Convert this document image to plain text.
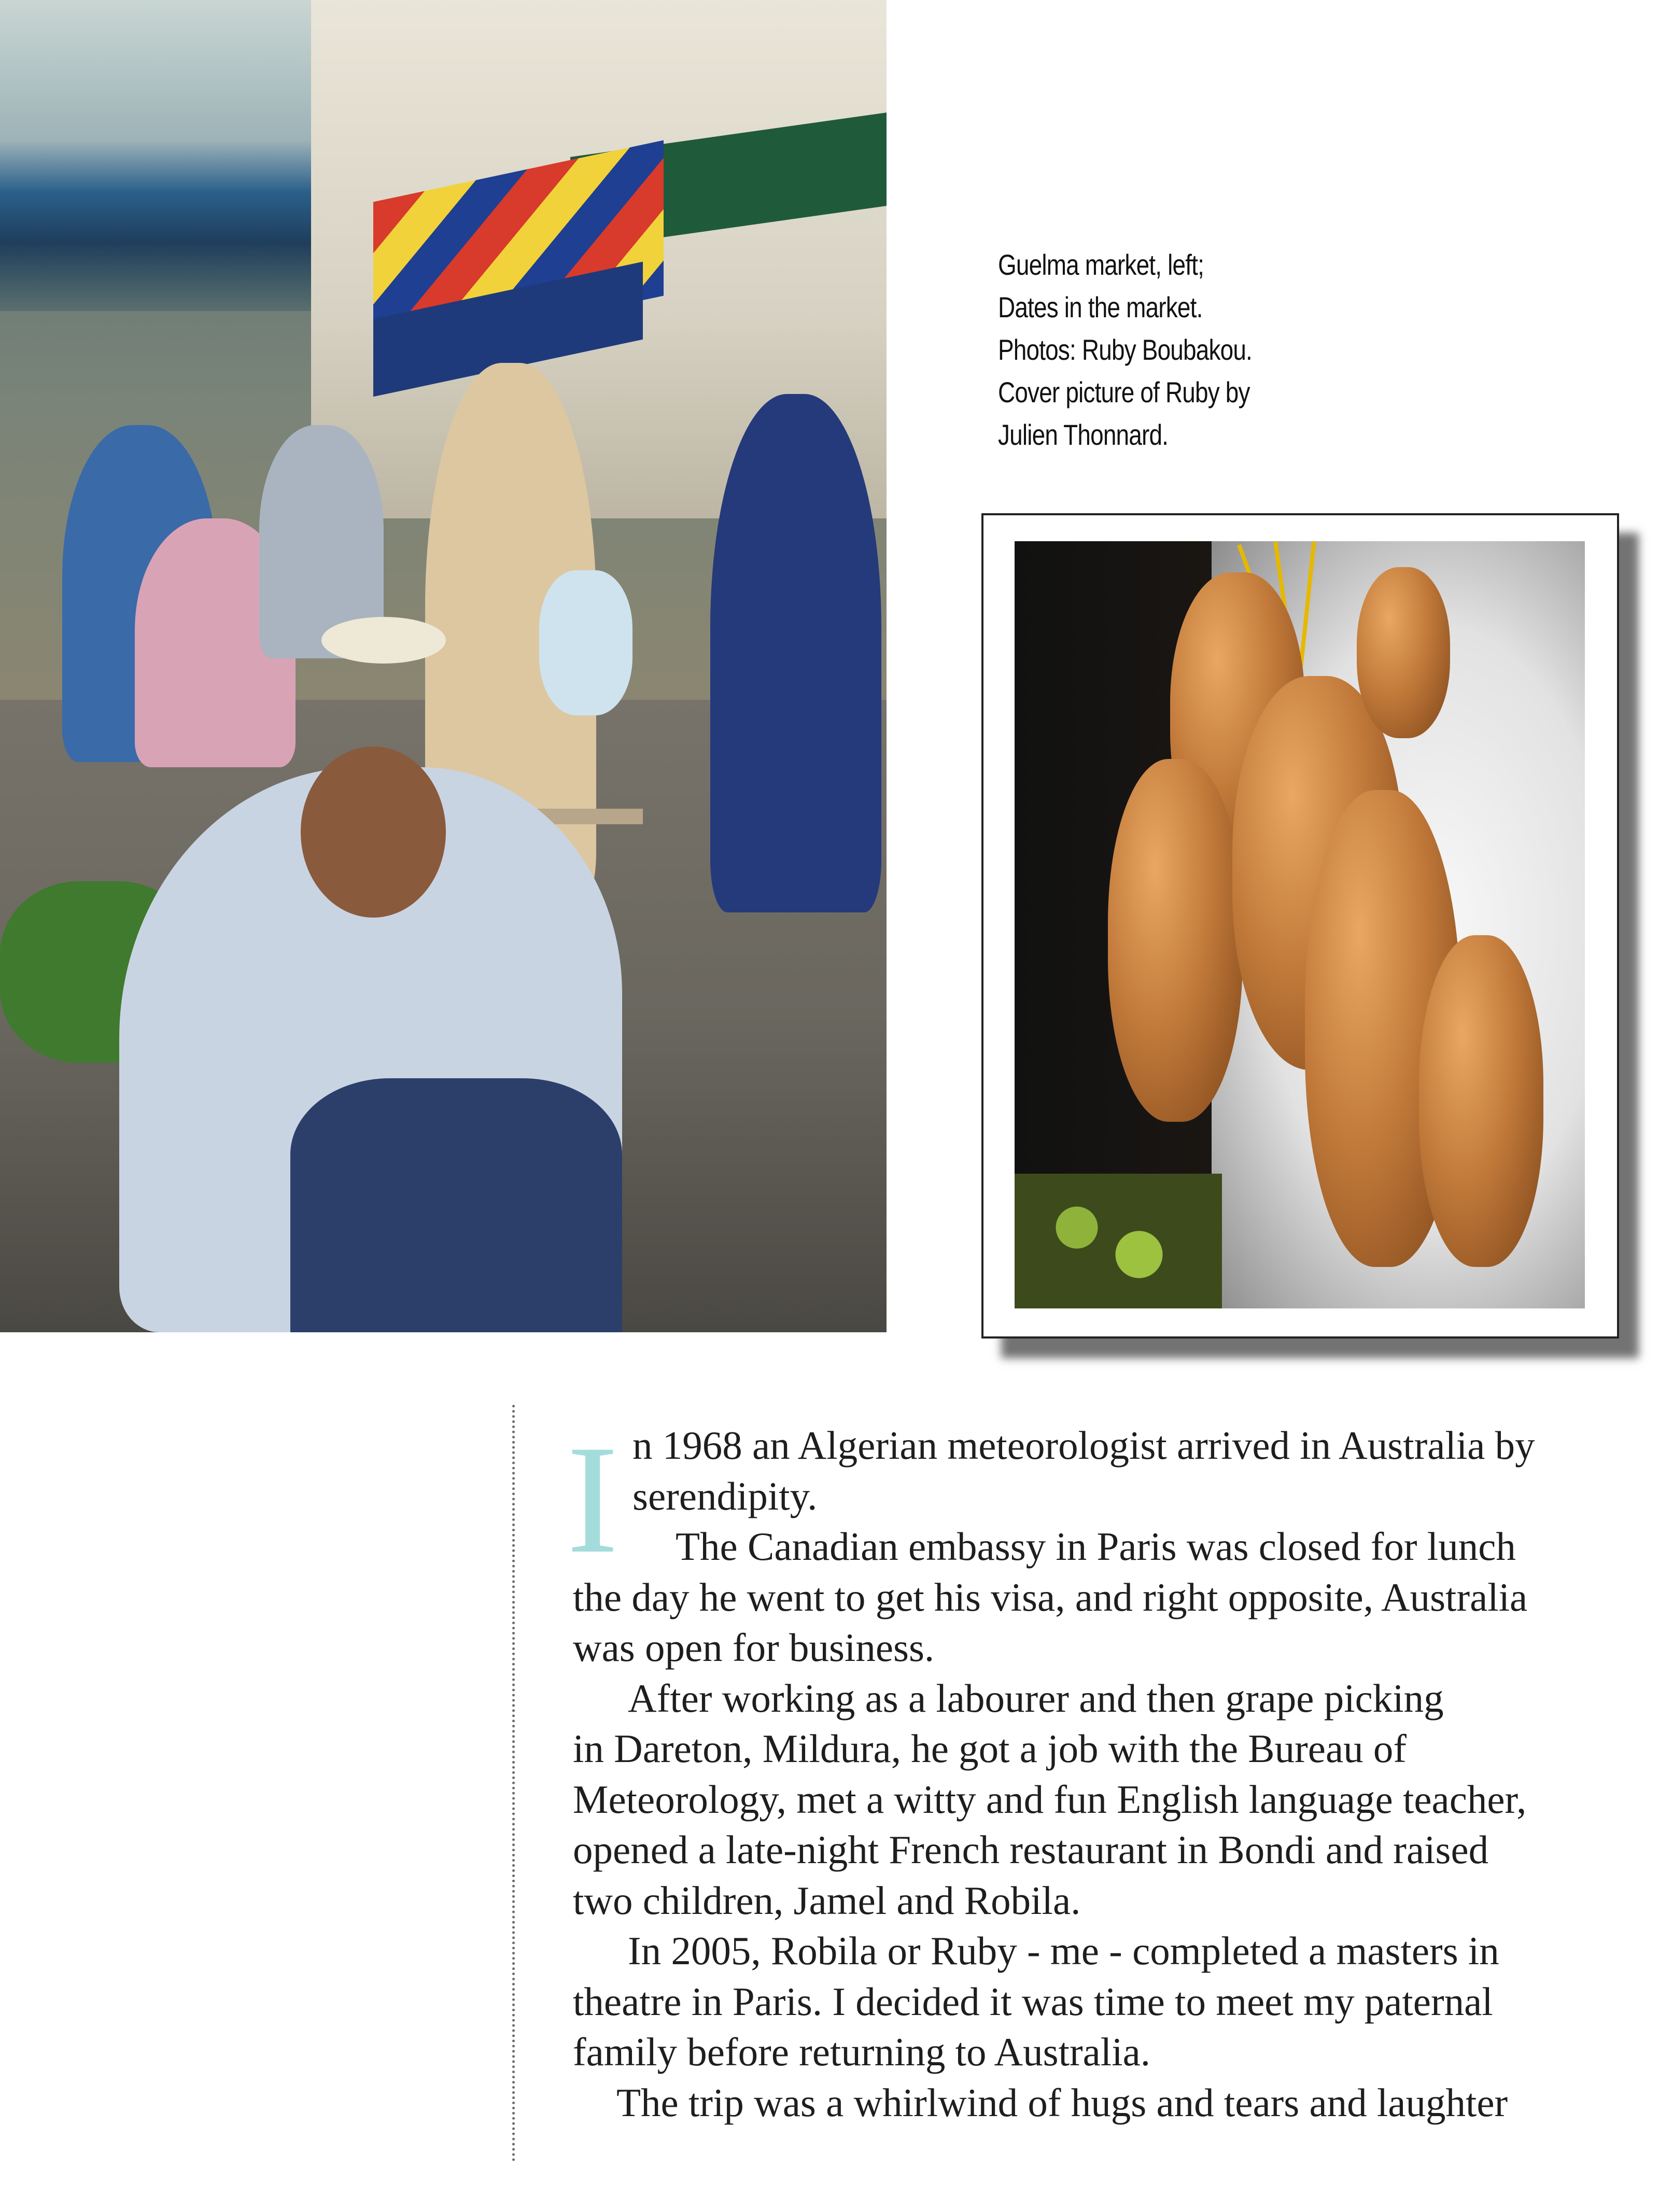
Guelma market, left;
Dates in the market.
Photos: Ruby Boubakou.
Cover picture of Ruby by
Julien Thonnard.
I n 1968 an Algerian meteorologist arrived in Australia by
serendipity.
The Canadian embassy in Paris was closed for lunch
the day he went to get his visa, and right opposite, Australia
was open for business.
After working as a labourer and then grape picking
in Dareton, Mildura, he got a job with the Bureau of
Meteorology, met a witty and fun English language teacher,
opened a late-night French restaurant in Bondi and raised
two children, Jamel and Robila.
In 2005, Robila or Ruby - me - completed a masters in
theatre in Paris. I decided it was time to meet my paternal
family before returning to Australia.
The trip was a whirlwind of hugs and tears and laughter
